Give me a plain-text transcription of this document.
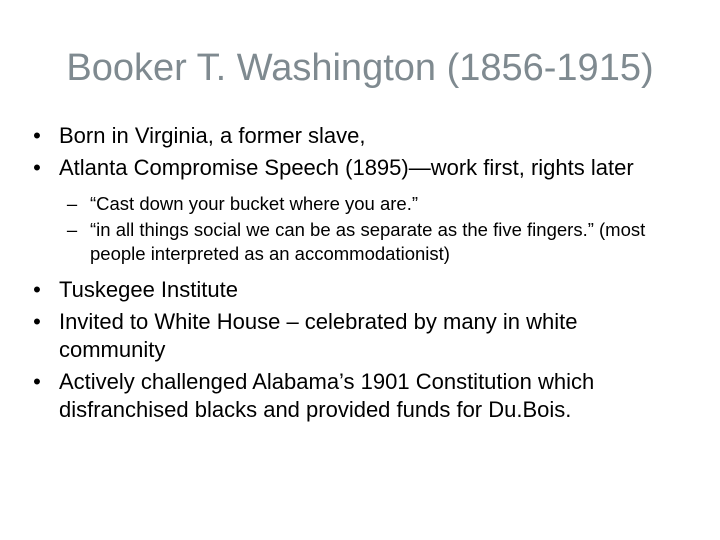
Booker T. Washington (1856-1915)
• Born in Virginia, a former slave,
• Atlanta Compromise Speech (1895)—work first, rights later
– “Cast down your bucket where you are.”
– “in all things social we can be as separate as the five fingers.” (most people interpreted as an accommodationist)
• Tuskegee Institute
• Invited to White House – celebrated by many in white community
• Actively challenged Alabama’s 1901 Constitution which disfranchised blacks and provided funds for Du.Bois.
